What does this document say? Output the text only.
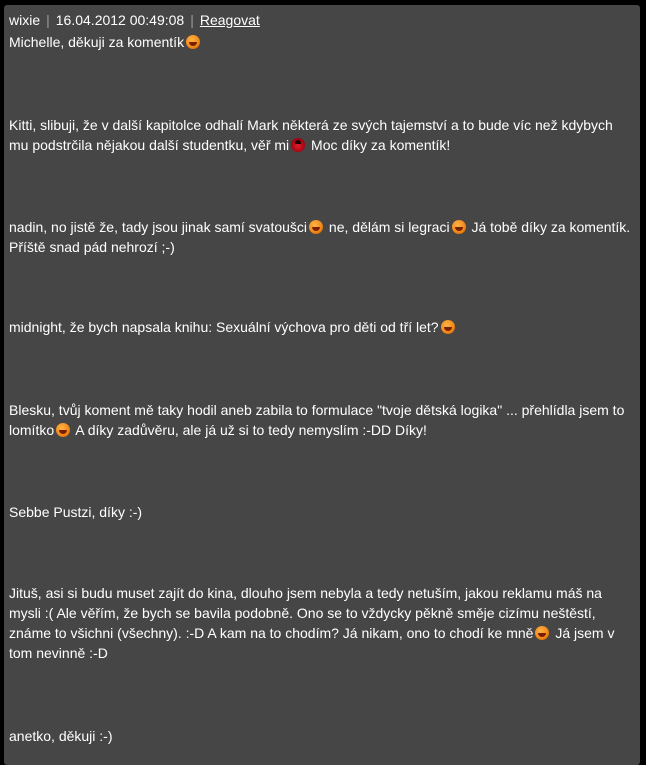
wixie | 16.04.2012 00:49:08 | Reagovat

Michelle, děkuji za komentík

Kitti, slibuji, že v další kapitolce odhalí Mark některá ze svých tajemství a to bude víc než kdybych mu podstrčila nějakou další studentku, věř mi Moc díky za komentík!

nadin, no jistě že, tady jsou jinak samí svatoušci ne, dělám si legraci Já tobě díky za komentík. Příště snad pád nehrozí ;-)

midnight, že bych napsala knihu: Sexuální výchova pro děti od tří let?

Blesku, tvůj koment mě taky hodil aneb zabila to formulace "tvoje dětská logika" ... přehlídla jsem to lomítko A díky zadůvěru, ale já už si to tedy nemyslím :-DD Díky!

Sebbe Pustzi, díky :-)

Jituš, asi si budu muset zajít do kina, dlouho jsem nebyla a tedy netuším, jakou reklamu máš na mysli :( Ale věřím, že bych se bavila podobně. Ono se to vždycky pěkně směje cizímu neštěstí, známe to všichni (všechny). :-D A kam na to chodím? Já nikam, ono to chodí ke mně Já jsem v tom nevinně :-D

anetko, děkuji :-)
